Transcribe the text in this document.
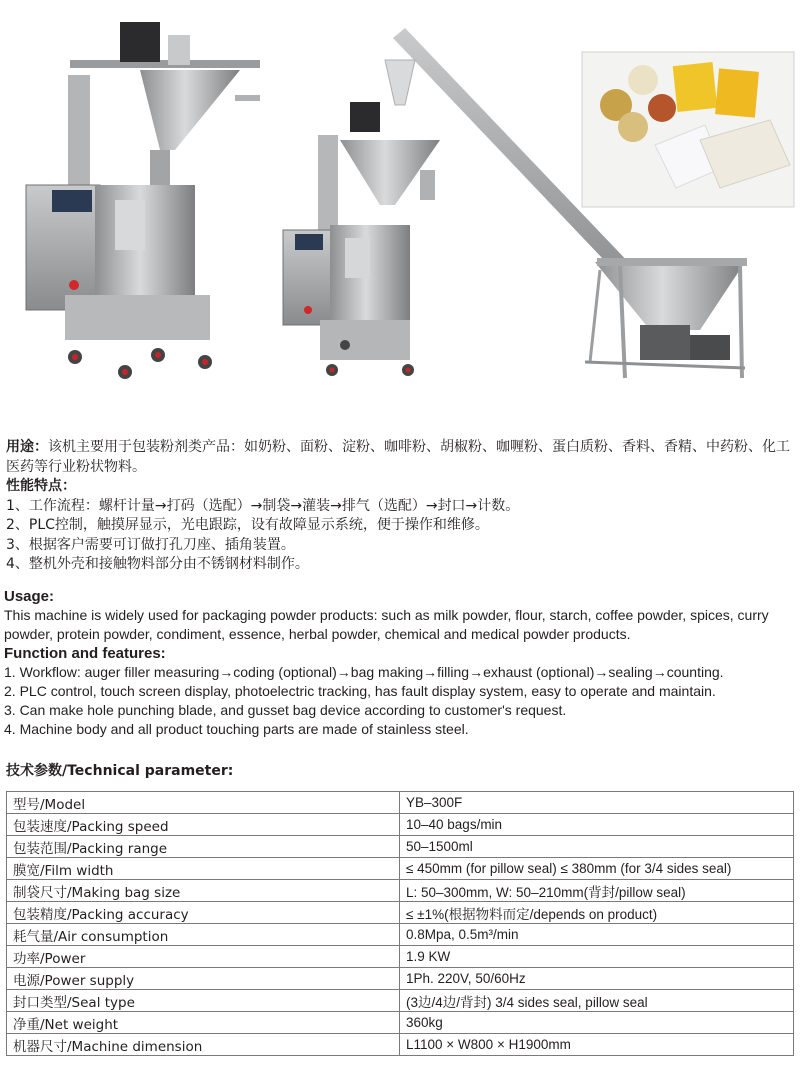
用途：该机主要用于包装粉剂类产品：如奶粉、面粉、淀粉、咖啡粉、胡椒粉、咖喱粉、蛋白质粉、香料、香精、中药粉、化工医药等行业粉状物料。
性能特点：
1、工作流程：螺杆计量→打码（选配）→制袋→灌装→排气（选配）→封口→计数。
2、PLC控制，触摸屏显示，光电跟踪，设有故障显示系统，便于操作和维修。
3、根据客户需要可订做打孔刀座、插角装置。
4、整机外壳和接触物料部分由不锈钢材料制作。
Usage:
This machine is widely used for packaging powder products: such as milk powder, flour, starch, coffee powder, spices, curry powder, protein powder, condiment, essence, herbal powder, chemical and medical powder products.
Function and features:
1. Workflow: auger filler measuring→coding (optional)→bag making→filling→exhaust (optional)→sealing→counting.
2. PLC control, touch screen display, photoelectric tracking, has fault display system, easy to operate and maintain.
3. Can make hole punching blade, and gusset bag device according to customer's request.
4. Machine body and all product touching parts are made of stainless steel.
技术参数/Technical parameter:
型号/Model	YB–300F
包装速度/Packing speed	10–40 bags/min
包装范围/Packing range	50–1500ml
膜宽/Film width	≤ 450mm (for pillow seal) ≤ 380mm (for 3/4 sides seal)
制袋尺寸/Making bag size	L: 50–300mm, W: 50–210mm(背封/pillow seal)
包装精度/Packing accuracy	≤ ±1%(根据物料而定/depends on product)
耗气量/Air consumption	0.8Mpa, 0.5m³/min
功率/Power	1.9 KW
电源/Power supply	1Ph. 220V, 50/60Hz
封口类型/Seal type	(3边/4边/背封) 3/4 sides seal, pillow seal
净重/Net weight	360kg
机器尺寸/Machine dimension	L1100 × W800 × H1900mm
